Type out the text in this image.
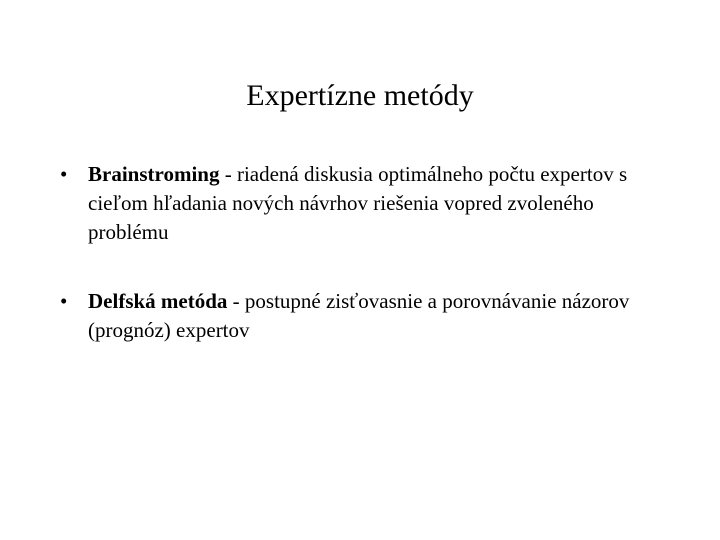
Expertízne metódy
• Brainstroming - riadená diskusia optimálneho počtu expertov s cieľom hľadania nových návrhov riešenia vopred zvoleného problému
• Delfská metóda - postupné zisťovasnie a porovnávanie názorov (prognóz) expertov
